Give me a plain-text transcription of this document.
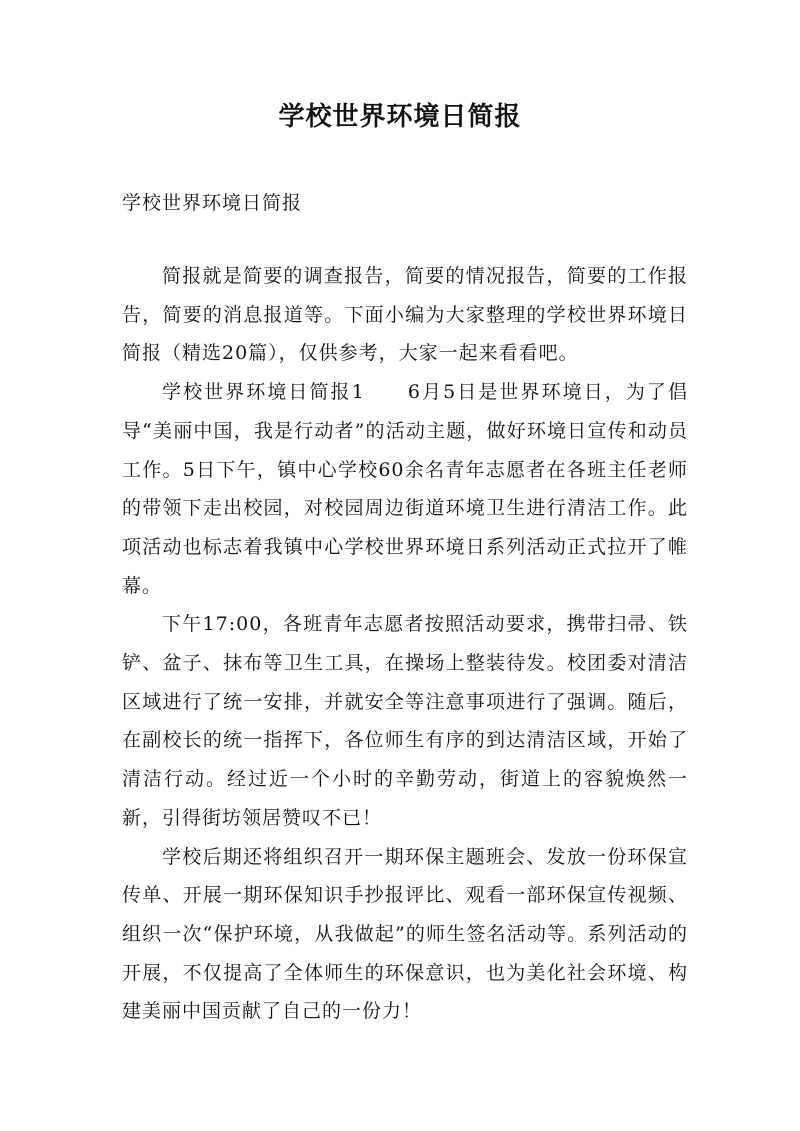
学校世界环境日简报
学校世界环境日简报

简报就是简要的调查报告，简要的情况报告，简要的工作报告，简要的消息报道等。下面小编为大家整理的学校世界环境日简报（精选20篇），仅供参考，大家一起来看看吧。

学校世界环境日简报1　　6月5日是世界环境日，为了倡导“美丽中国，我是行动者”的活动主题，做好环境日宣传和动员工作。5日下午，镇中心学校60余名青年志愿者在各班主任老师的带领下走出校园，对校园周边街道环境卫生进行清洁工作。此项活动也标志着我镇中心学校世界环境日系列活动正式拉开了帷幕。

下午17:00，各班青年志愿者按照活动要求，携带扫帚、铁铲、盆子、抹布等卫生工具，在操场上整装待发。校团委对清洁区域进行了统一安排，并就安全等注意事项进行了强调。随后，在副校长的统一指挥下，各位师生有序的到达清洁区域，开始了清洁行动。经过近一个小时的辛勤劳动，街道上的容貌焕然一新，引得街坊领居赞叹不已！

学校后期还将组织召开一期环保主题班会、发放一份环保宣传单、开展一期环保知识手抄报评比、观看一部环保宣传视频、组织一次“保护环境，从我做起”的师生签名活动等。系列活动的开展，不仅提高了全体师生的环保意识，也为美化社会环境、构建美丽中国贡献了自己的一份力！
